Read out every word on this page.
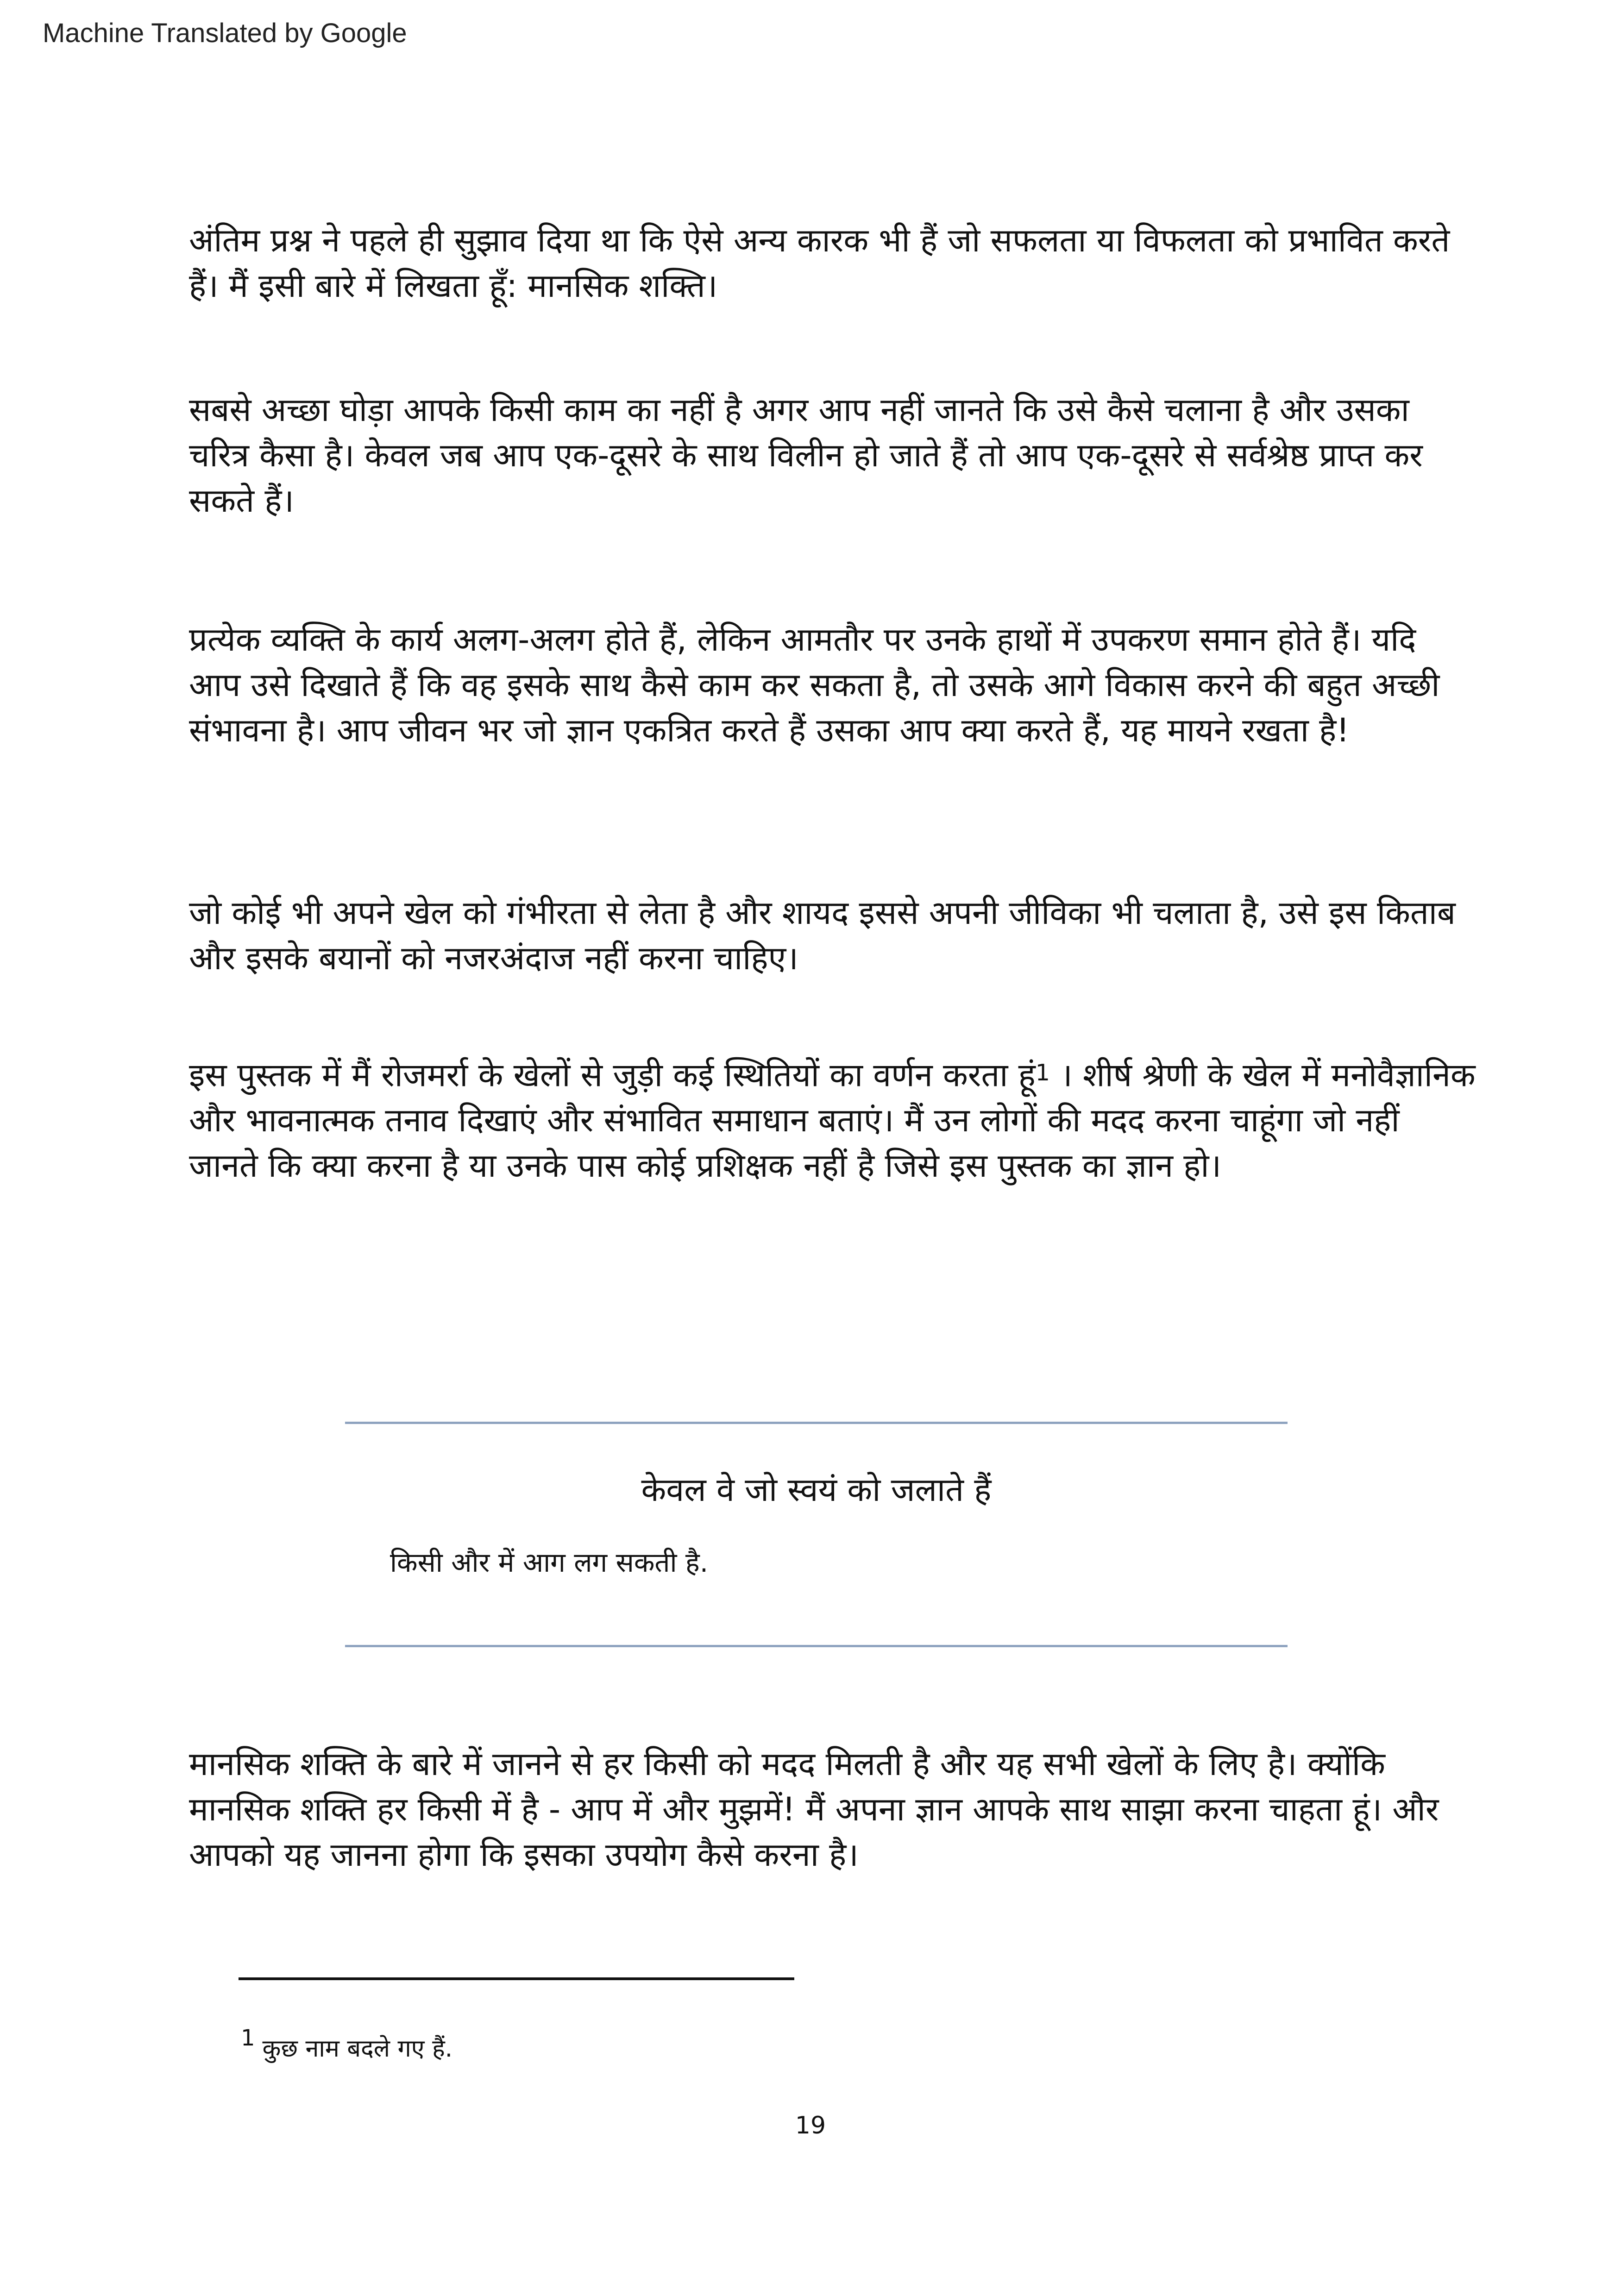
Machine Translated by Google

अंतिम प्रश्न ने पहले ही सुझाव दिया था कि ऐसे अन्य कारक भी हैं जो सफलता या विफलता को प्रभावित करते हैं। मैं इसी बारे में लिखता हूँ: मानसिक शक्ति।

सबसे अच्छा घोड़ा आपके किसी काम का नहीं है अगर आप नहीं जानते कि उसे कैसे चलाना है और उसका चरित्र कैसा है। केवल जब आप एक-दूसरे के साथ विलीन हो जाते हैं तो आप एक-दूसरे से सर्वश्रेष्ठ प्राप्त कर सकते हैं।

प्रत्येक व्यक्ति के कार्य अलग-अलग होते हैं, लेकिन आमतौर पर उनके हाथों में उपकरण समान होते हैं। यदि आप उसे दिखाते हैं कि वह इसके साथ कैसे काम कर सकता है, तो उसके आगे विकास करने की बहुत अच्छी संभावना है। आप जीवन भर जो ज्ञान एकत्रित करते हैं उसका आप क्या करते हैं, यह मायने रखता है!

जो कोई भी अपने खेल को गंभीरता से लेता है और शायद इससे अपनी जीविका भी चलाता है, उसे इस किताब और इसके बयानों को नजरअंदाज नहीं करना चाहिए।

इस पुस्तक में मैं रोजमर्रा के खेलों से जुड़ी कई स्थितियों का वर्णन करता हूं1 । शीर्ष श्रेणी के खेल में मनोवैज्ञानिक और भावनात्मक तनाव दिखाएं और संभावित समाधान बताएं। मैं उन लोगों की मदद करना चाहूंगा जो नहीं जानते कि क्या करना है या उनके पास कोई प्रशिक्षक नहीं है जिसे इस पुस्तक का ज्ञान हो।

मानसिक शक्ति के बारे में जानने से हर किसी को मदद मिलती है और यह सभी खेलों के लिए है। क्योंकि मानसिक शक्ति हर किसी में है - आप में और मुझमें! मैं अपना ज्ञान आपके साथ साझा करना चाहता हूं। और आपको यह जानना होगा कि इसका उपयोग कैसे करना है।

केवल वे जो स्वयं को जलाते हैं
किसी और में आग लग सकती है.
1 कुछ नाम बदले गए हैं.
19
